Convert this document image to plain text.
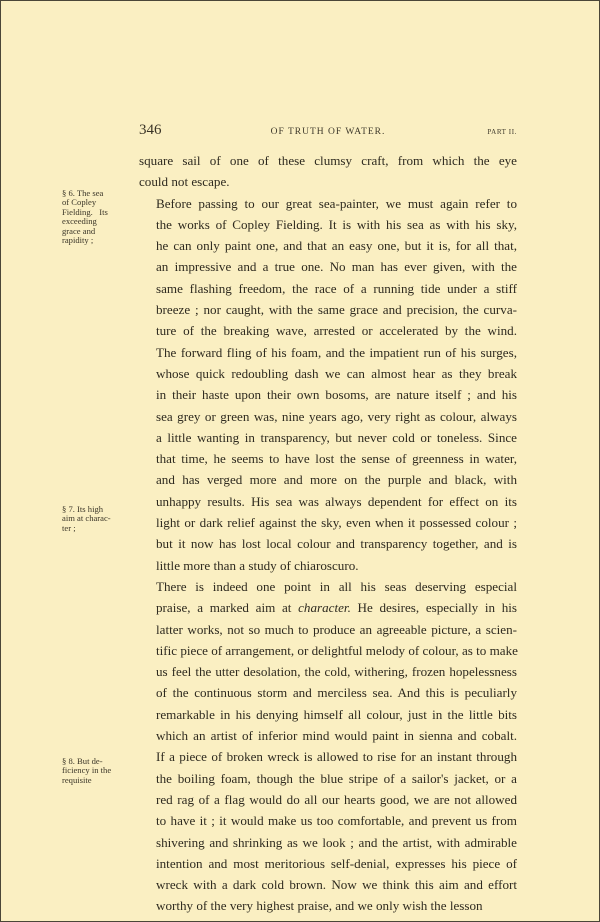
346	OF TRUTH OF WATER.	PART II.
§ 6. The sea
of Copley
Fielding.   Its
exceeding
grace and
rapidity ;
§ 7. Its high
aim at charac-
ter ;
§ 8. But de-
ficiency in the
requisite

square sail of one of these clumsy craft, from which the eye
could not escape.

Before passing to our great sea-painter, we must again refer to
the works of Copley Fielding. It is with his sea as with his sky,
he can only paint one, and that an easy one, but it is, for all that,
an impressive and a true one. No man has ever given, with the
same flashing freedom, the race of a running tide under a stiff
breeze ; nor caught, with the same grace and precision, the curva-
ture of the breaking wave, arrested or accelerated by the wind.
The forward fling of his foam, and the impatient run of his surges,
whose quick redoubling dash we can almost hear as they break
in their haste upon their own bosoms, are nature itself ; and his
sea grey or green was, nine years ago, very right as colour, always
a little wanting in transparency, but never cold or toneless. Since
that time, he seems to have lost the sense of greenness in water,
and has verged more and more on the purple and black, with
unhappy results. His sea was always dependent for effect on its
light or dark relief against the sky, even when it possessed colour ;
but it now has lost local colour and transparency together, and is
little more than a study of chiaroscuro.

There is indeed one point in all his seas deserving especial
praise, a marked aim at character. He desires, especially in his
latter works, not so much to produce an agreeable picture, a scien-
tific piece of arrangement, or delightful melody of colour, as to make
us feel the utter desolation, the cold, withering, frozen hopelessness
of the continuous storm and merciless sea. And this is peculiarly
remarkable in his denying himself all colour, just in the little bits
which an artist of inferior mind would paint in sienna and cobalt.
If a piece of broken wreck is allowed to rise for an instant through
the boiling foam, though the blue stripe of a sailor's jacket, or a
red rag of a flag would do all our hearts good, we are not allowed
to have it ; it would make us too comfortable, and prevent us from
shivering and shrinking as we look ; and the artist, with admirable
intention and most meritorious self-denial, expresses his piece of
wreck with a dark cold brown. Now we think this aim and effort
worthy of the very highest praise, and we only wish the lesson
